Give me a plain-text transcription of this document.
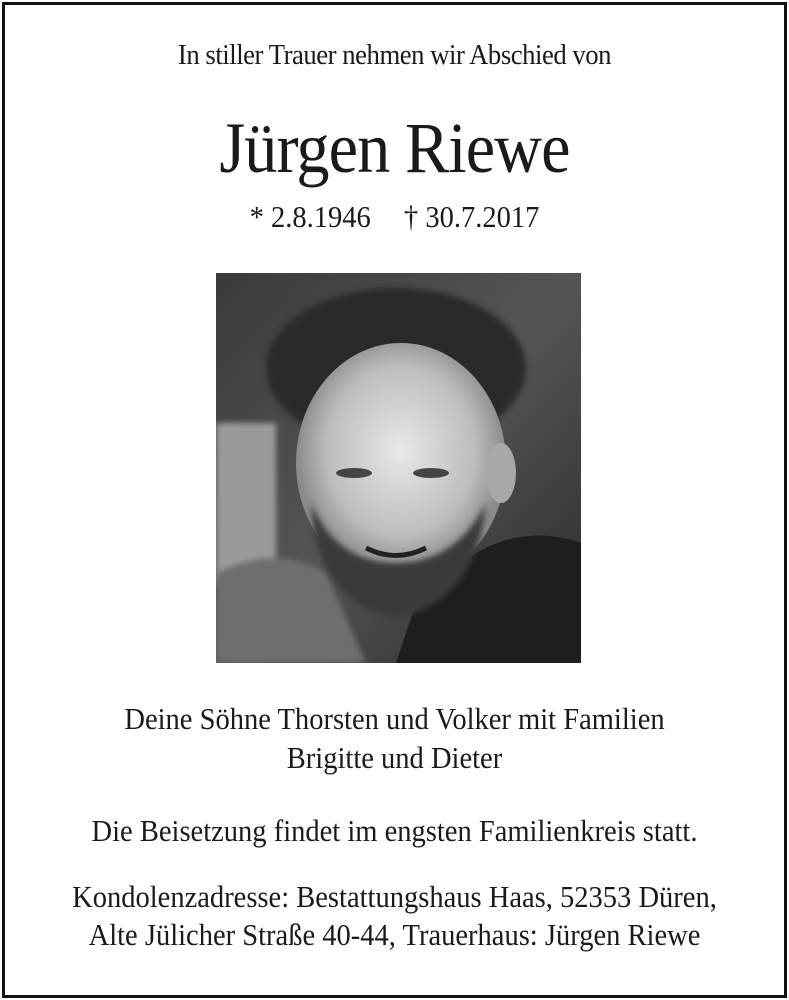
In stiller Trauer nehmen wir Abschied von
Jürgen Riewe
* 2.8.1946 † 30.7.2017
Deine Söhne Thorsten und Volker mit Familien
Brigitte und Dieter
Die Beisetzung findet im engsten Familienkreis statt.
Kondolenzadresse: Bestattungshaus Haas, 52353 Düren,
Alte Jülicher Straße 40-44, Trauerhaus: Jürgen Riewe
